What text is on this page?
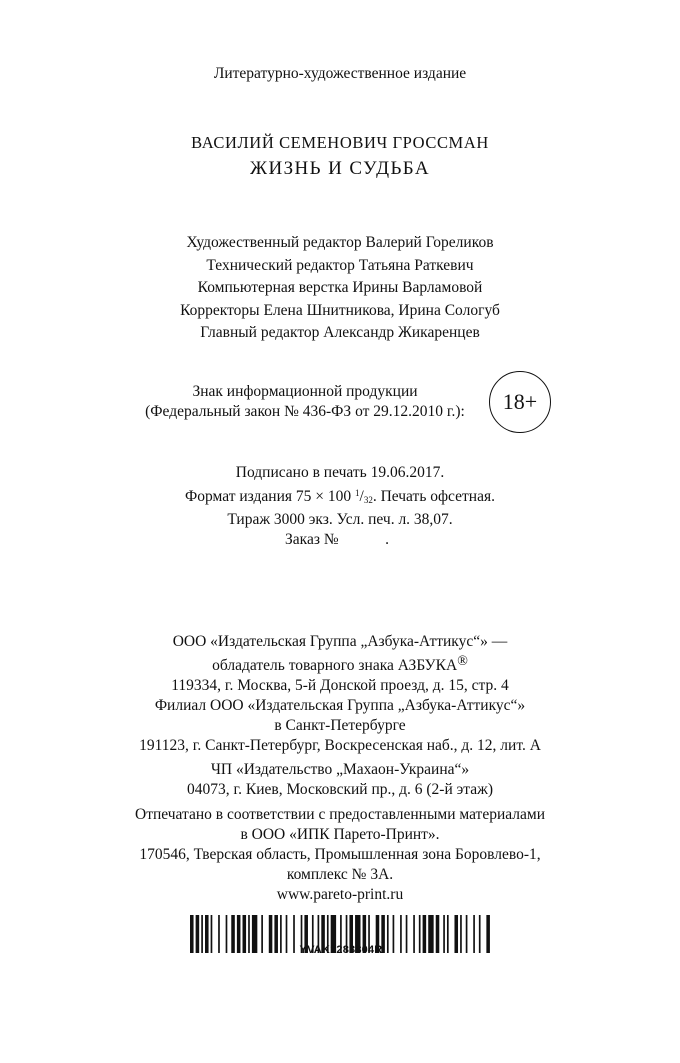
Литературно-художественное издание
ВАСИЛИЙ СЕМЕНОВИЧ ГРОССМАН
ЖИЗНЬ И СУДЬБА
Художественный редактор Валерий Гореликов
Технический редактор Татьяна Раткевич
Компьютерная верстка Ирины Варламовой
Корректоры Елена Шнитникова, Ирина Сологуб
Главный редактор Александр Жикаренцев
Знак информационной продукции
(Федеральный закон № 436-ФЗ от 29.12.2010 г.):	18+
Подписано в печать 19.06.2017.
Формат издания 75 × 100 $^1/_{32}$. Печать офсетная.
Тираж 3000 экз. Усл. печ. л. 38,07.
Заказ №            .
ООО «Издательская Группа „Азбука-Аттикус“» —
обладатель товарного знака АЗБУКА®
119334, г. Москва, 5-й Донской проезд, д. 15, стр. 4
Филиал ООО «Издательская Группа „Азбука-Аттикус“»
в Санкт-Петербурге
191123, г. Санкт-Петербург, Воскресенская наб., д. 12, лит. А
ЧП «Издательство „Махаон-Украина“»
04073, г. Киев, Московский пр., д. 6 (2-й этаж)
Отпечатано в соответствии с предоставленными материалами
в ООО «ИПК Парето-Принт».
170546, Тверская область, Промышленная зона Боровлево-1,
комплекс № 3А.
www.pareto-print.ru
YVAK1283804R
